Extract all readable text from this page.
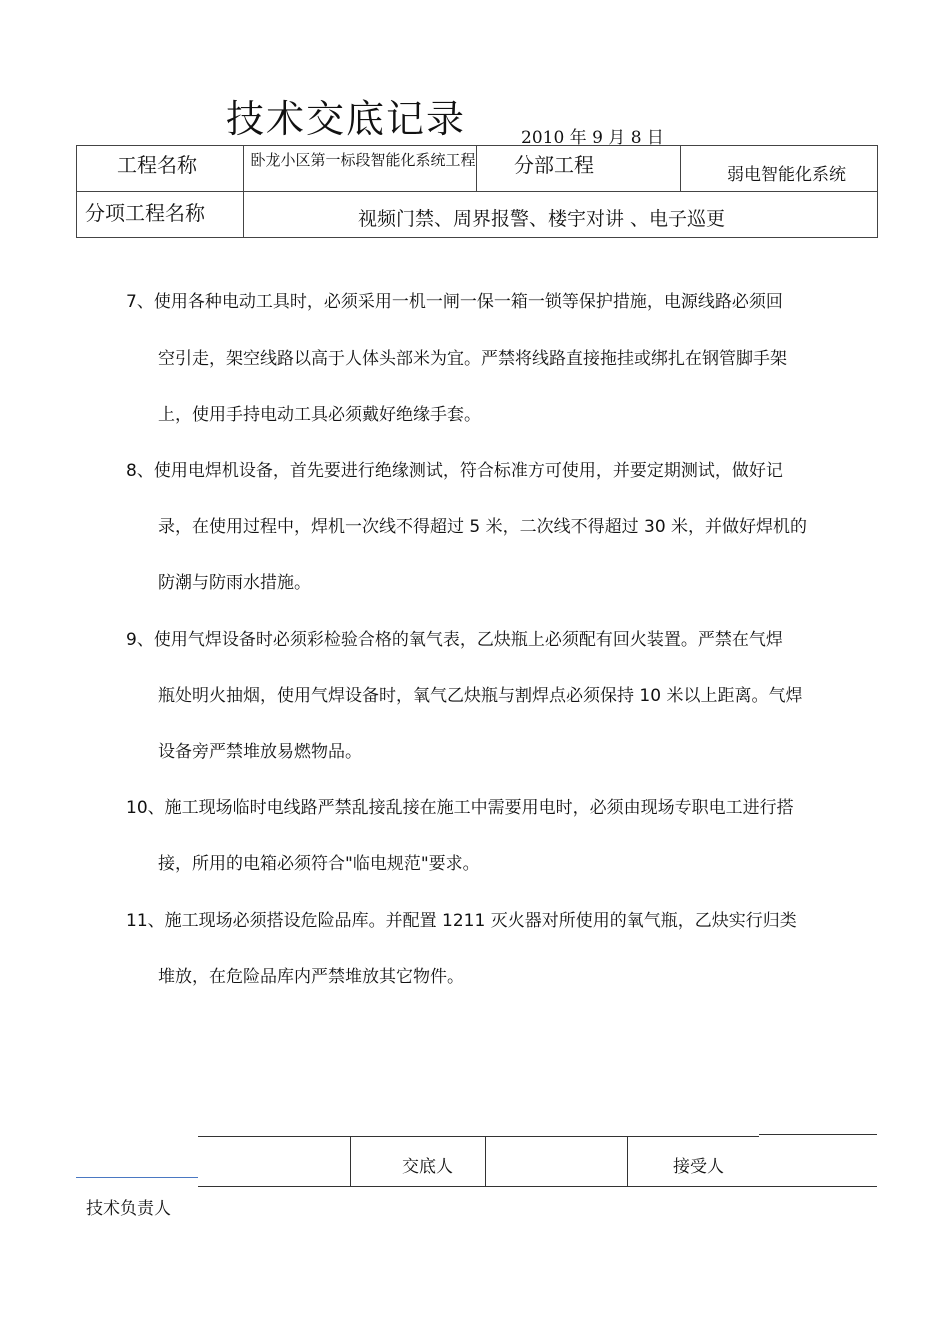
技术交底记录	2010 年 9 月 8 日
工程名称	卧龙小区第一标段智能化系统工程	分部工程	弱电智能化系统

分项工程名称	视频门禁、周界报警、楼宇对讲 、电子巡更		
7、使用各种电动工具时，必须采用一机一闸一保一箱一锁等保护措施，电源线路必须回
空引走，架空线路以高于人体头部米为宜。严禁将线路直接拖挂或绑扎在钢管脚手架
上，使用手持电动工具必须戴好绝缘手套。
8、使用电焊机设备，首先要进行绝缘测试，符合标准方可使用，并要定期测试，做好记
录，在使用过程中，焊机一次线不得超过 5 米，二次线不得超过 30 米，并做好焊机的
防潮与防雨水措施。
9、使用气焊设备时必须彩检验合格的氧气表，乙炔瓶上必须配有回火装置。严禁在气焊
瓶处明火抽烟，使用气焊设备时，氧气乙炔瓶与割焊点必须保持 10 米以上距离。气焊
设备旁严禁堆放易燃物品。
10、施工现场临时电线路严禁乱接乱接在施工中需要用电时，必须由现场专职电工进行搭
接，所用的电箱必须符合"临电规范"要求。
11、施工现场必须搭设危险品库。并配置 1211 灭火器对所使用的氧气瓶，乙炔实行归类
堆放，在危险品库内严禁堆放其它物件。
交底人	接受人
技术负责人
